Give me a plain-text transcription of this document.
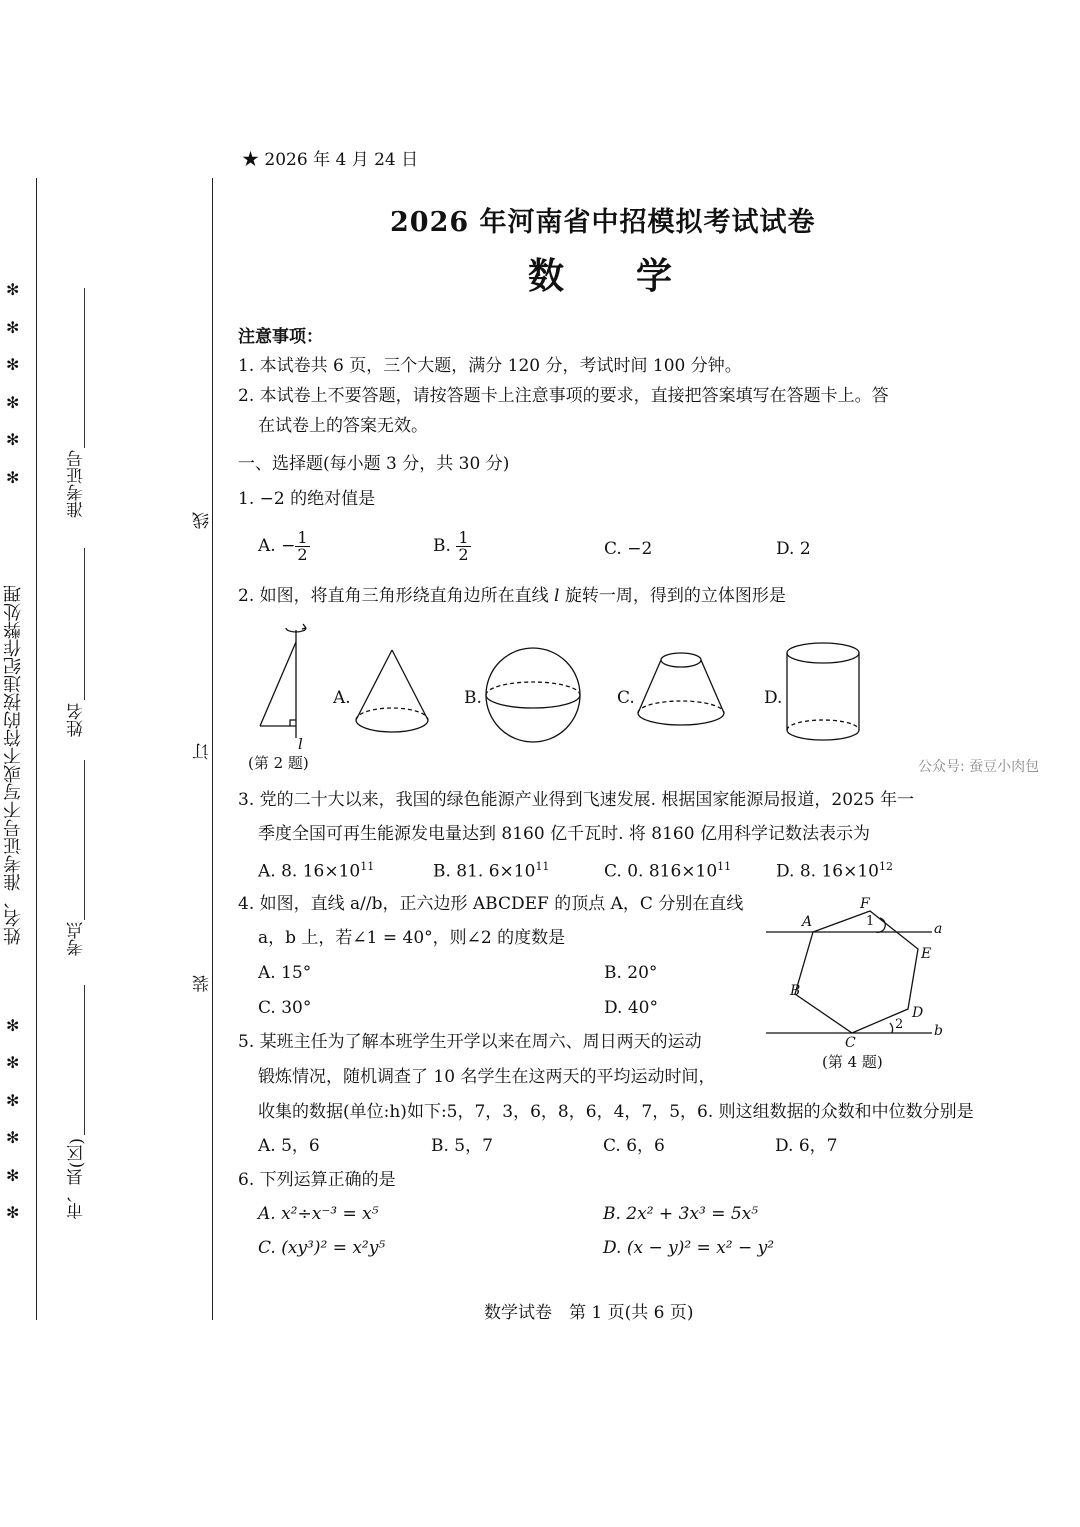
✻
✻
✻
✻
✻
✻
姓名、准考证号不写或不符的按违纪作弊处理
✻
✻
✻
✻
✻
✻
准考证号
姓名
考点
市、县(区)
线
订
装
★ 2026 年 4 月 24 日
2026 年河南省中招模拟考试试卷
数　　学
注意事项：
1. 本试卷共 6 页，三个大题，满分 120 分，考试时间 100 分钟。
2. 本试卷上不要答题，请按答题卡上注意事项的要求，直接把答案填写在答题卡上。答
在试卷上的答案无效。
一、选择题(每小题 3 分，共 30 分)
1. −2 的绝对值是
A. − $\frac{1}{2}$	B. $\frac{1}{2}$	C. −2	D. 2
2. 如图，将直角三角形绕直角边所在直线 l 旋转一周，得到的立体图形是
l
A.	B.	C.	D.
(第 2 题)	公众号: 蚕豆小肉包
3. 党的二十大以来，我国的绿色能源产业得到飞速发展. 根据国家能源局报道，2025 年一
季度全国可再生能源发电量达到 8160 亿千瓦时. 将 8160 亿用科学记数法表示为
A. 8. $16\times 10^{11}$	B. 81. $6\times 10^{11}$	C. 0. $816\times 10^{11}$	D. 8. $16\times 10^{12}$
4. 如图，直线 a//b，正六边形 ABCDEF 的顶点 A，C 分别在直线
a，b 上，若∠1 = 40°，则∠2 的度数是
A. 15°	B. 20°
C. 30°	D. 40°
A
F
1	a
E
B
D
2 b
C
(第 4 题)
5. 某班主任为了解本班学生开学以来在周六、周日两天的运动
锻炼情况，随机调查了 10 名学生在这两天的平均运动时间，
收集的数据(单位:h)如下:5，7，3，6，8，6，4，7，5，6. 则这组数据的众数和中位数分别是
A. 5，6	B. 5，7	C. 6，6	D. 6，7
6. 下列运算正确的是
A. x²÷x⁻³ = x⁵	B. 2x² + 3x³ = 5x⁵
C. (xy³)² = x²y⁵	D. (x − y)² = x² − y²
数学试卷　第 1 页(共 6 页)
